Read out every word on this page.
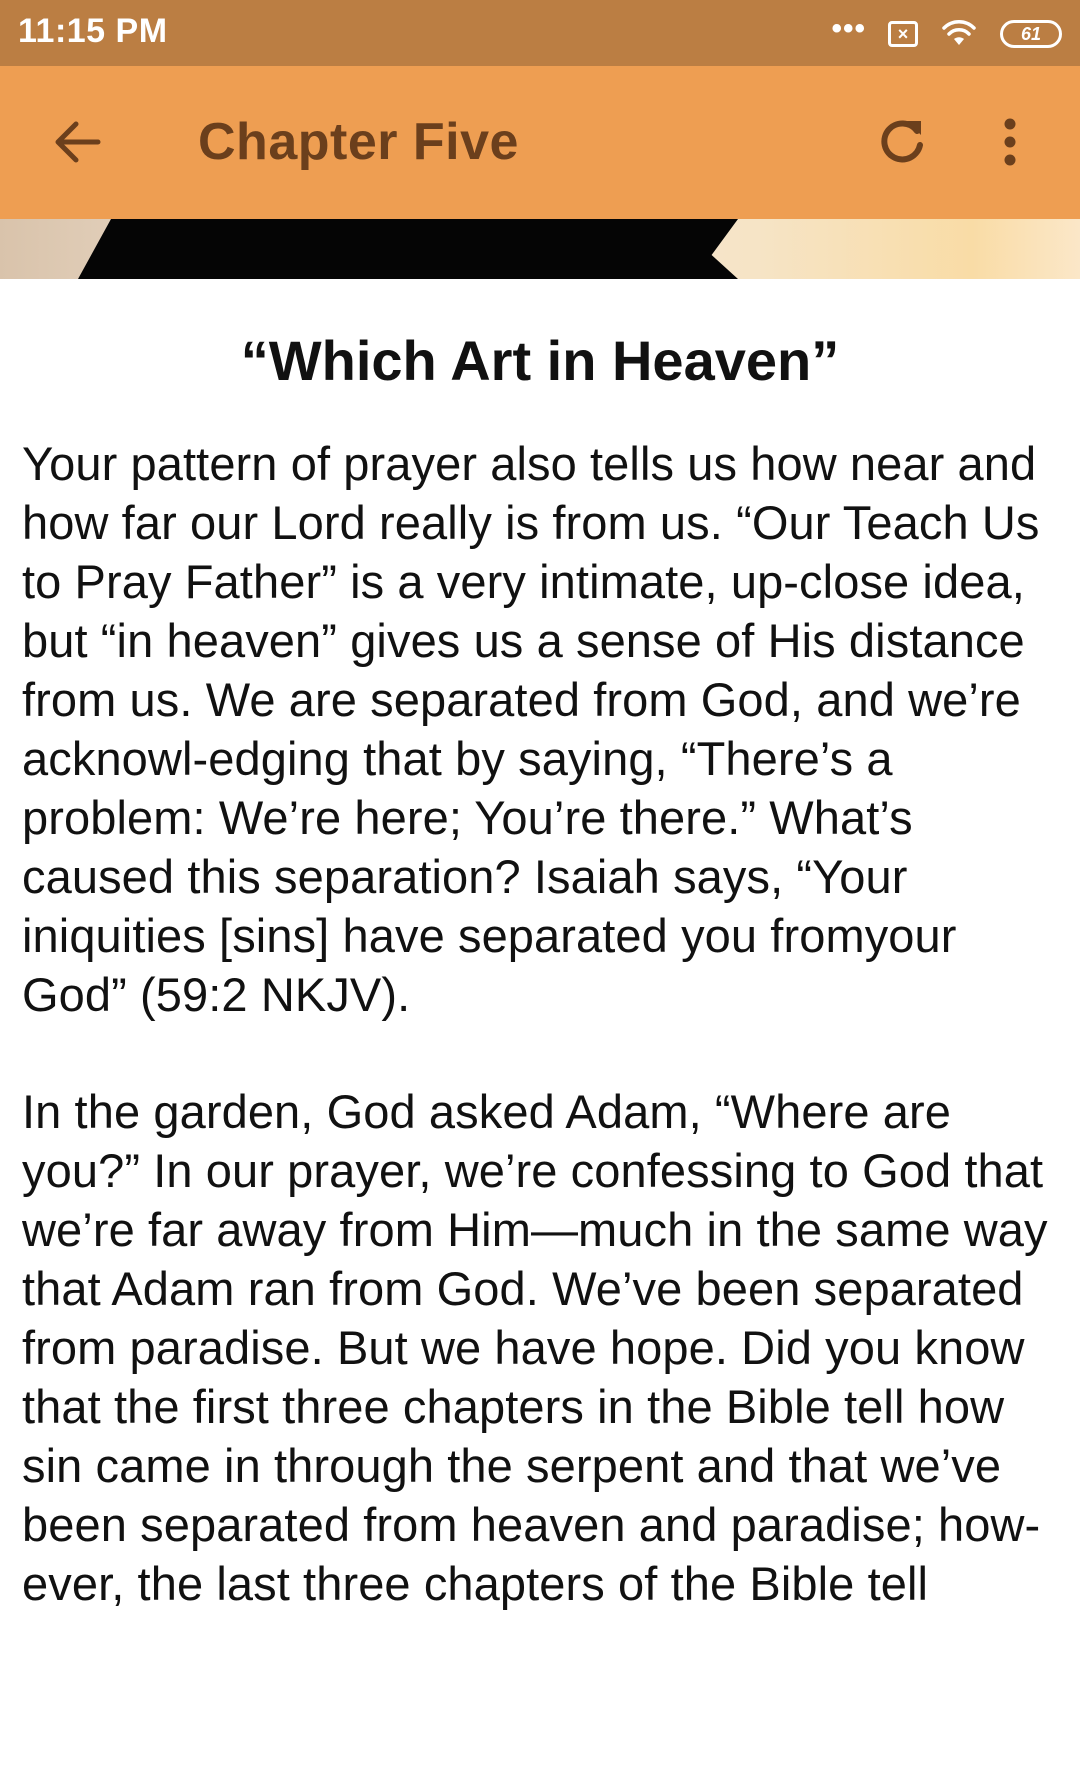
11:15 PM	••• ×	61
Chapter Five
“Which Art in Heaven”

Your pattern of prayer also tells us how near and how far our Lord really is from us. “Our Teach Us to Pray Father” is a very intimate, up-close idea, but “in heaven” gives us a sense of His distance from us. We are separated from God, and we’re acknowl-edging that by saying, “There’s a problem: We’re here; You’re there.” What’s caused this separation? Isaiah says, “Your iniquities [sins] have separated you fromyour God” (59:2 NKJV).

In the garden, God asked Adam, “Where are you?” In our prayer, we’re confessing to God that we’re far away from Him—much in the same way that Adam ran from God. We’ve been separated from paradise. But we have hope. Did you know that the first three chapters in the Bible tell how sin came in through the serpent and that we’ve been separated from heaven and paradise; how-ever, the last three chapters of the Bible tell
